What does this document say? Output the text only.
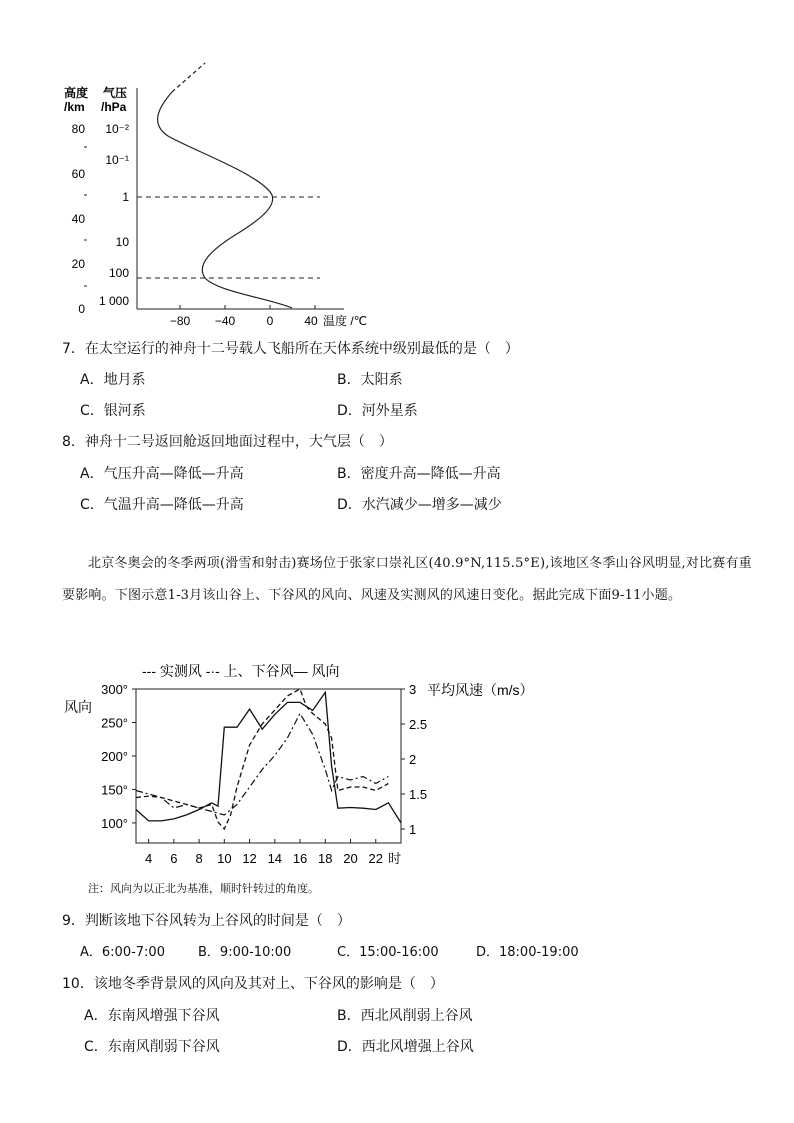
高度
/km
气压
/hPa
80
60
40
20
0
10⁻²
10⁻¹
1
10
100
1 000
−80 −40	0	40 温度 /℃
7．在太空运行的神舟十二号载人飞船所在天体系统中级别最低的是（　）
A．地月系	B．太阳系
C．银河系	D．河外星系
8．神舟十二号返回舱返回地面过程中，大气层（　）
A．气压升高—降低—升高	B．密度升高—降低—升高
C．气温升高—降低—升高	D．水汽减少—增多—减少
北京冬奥会的冬季两项(滑雪和射击)赛场位于张家口崇礼区(40.9°N,115.5°E),该地区冬季山谷风明显,对比赛有重要影响。下图示意1-3月该山谷上、下谷风的风向、风速及实测风的风速日变化。据此完成下面9-11小题。
--- 实测风 -·- 上、下谷风— 风向
风向
平均风速（m/s）
300°
250°
200°
150°
100°
3
2.5
2
1.5
1
4 6 8 10 12 14 16 18 20 22 时
注：风向为以正北为基准，顺时针转过的角度。
9．判断该地下谷风转为上谷风的时间是（　）
A．6:00-7:00	B．9:00-10:00	C．15:00-16:00	D．18:00-19:00
10．该地冬季背景风的风向及其对上、下谷风的影响是（　）
A．东南风增强下谷风	B．西北风削弱上谷风
C．东南风削弱下谷风	D．西北风增强上谷风
